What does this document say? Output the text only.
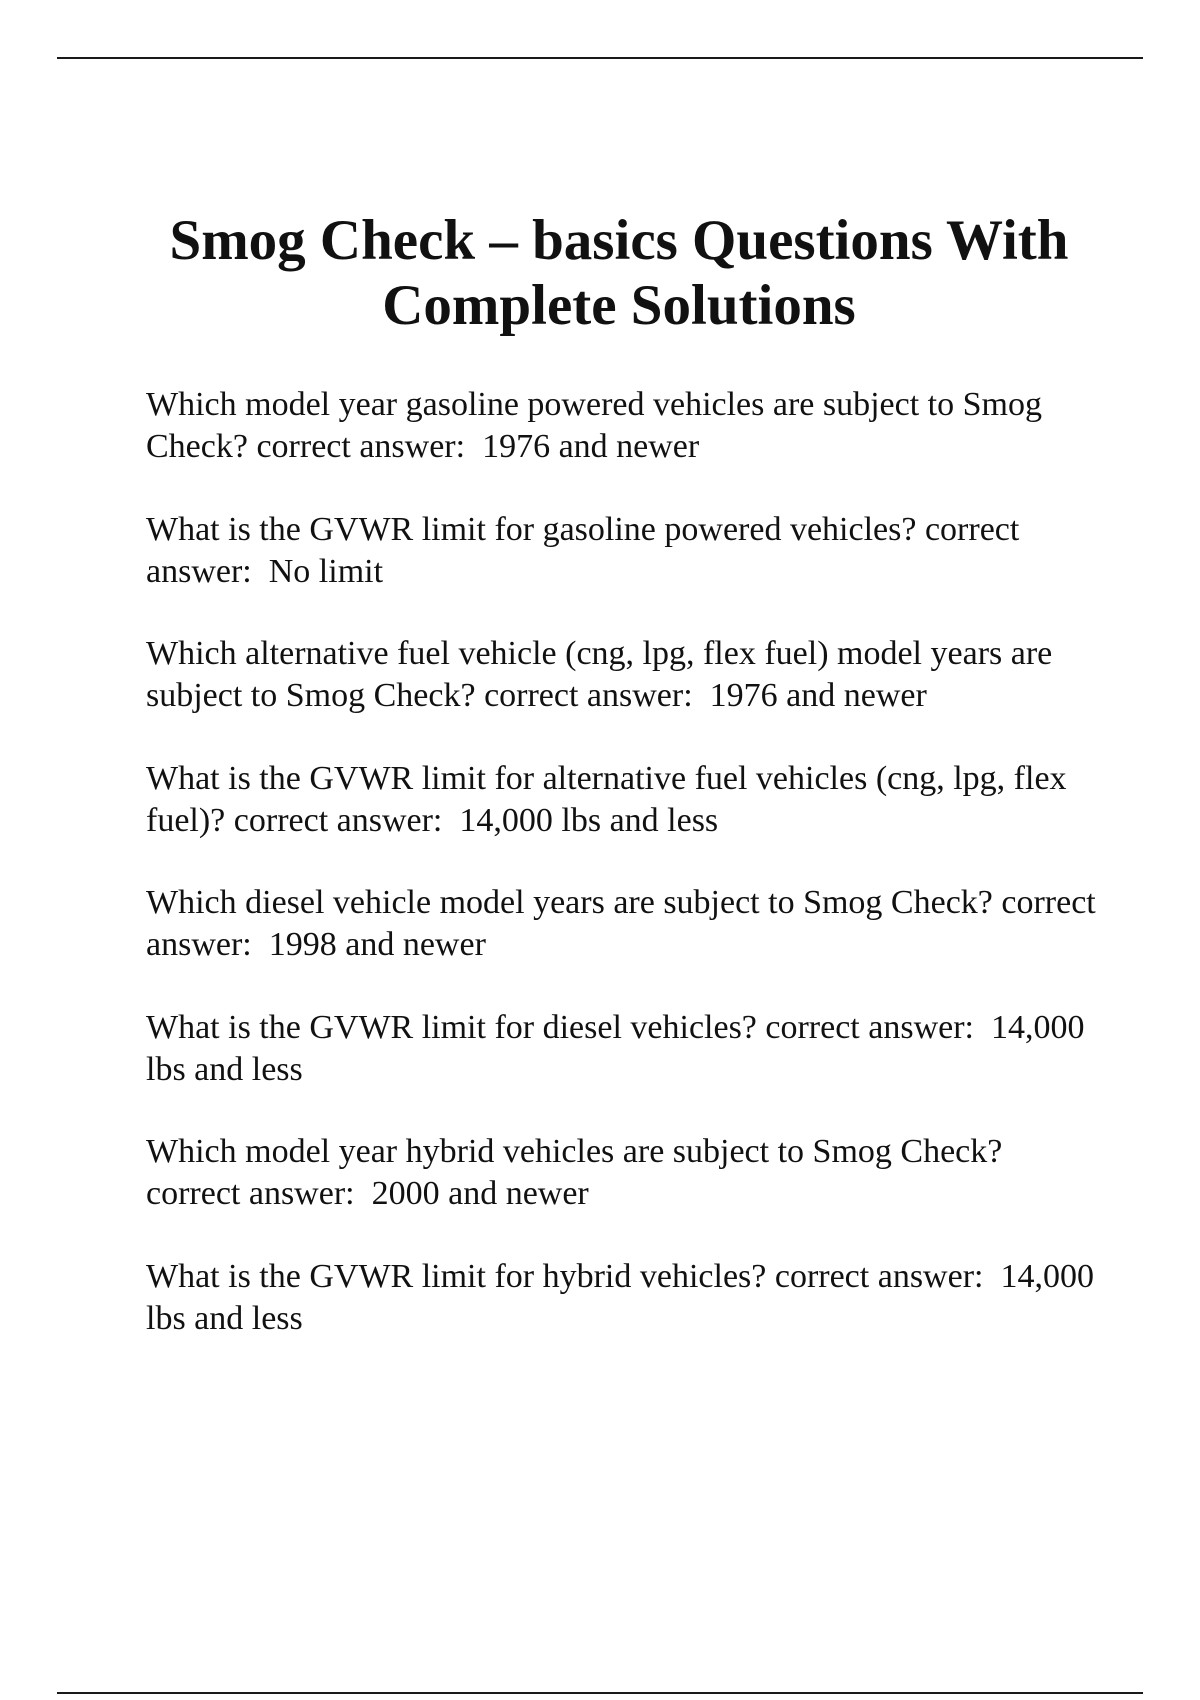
Smog Check – basics Questions With
Complete Solutions
Which model year gasoline powered vehicles are subject to Smog Check? correct answer: 1976 and newer
What is the GVWR limit for gasoline powered vehicles? correct answer: No limit
Which alternative fuel vehicle (cng, lpg, flex fuel) model years are subject to Smog Check? correct answer: 1976 and newer
What is the GVWR limit for alternative fuel vehicles (cng, lpg, flex fuel)? correct answer: 14,000 lbs and less
Which diesel vehicle model years are subject to Smog Check? correct answer: 1998 and newer
What is the GVWR limit for diesel vehicles? correct answer: 14,000 lbs and less
Which model year hybrid vehicles are subject to Smog Check? correct answer: 2000 and newer
What is the GVWR limit for hybrid vehicles? correct answer: 14,000 lbs and less
